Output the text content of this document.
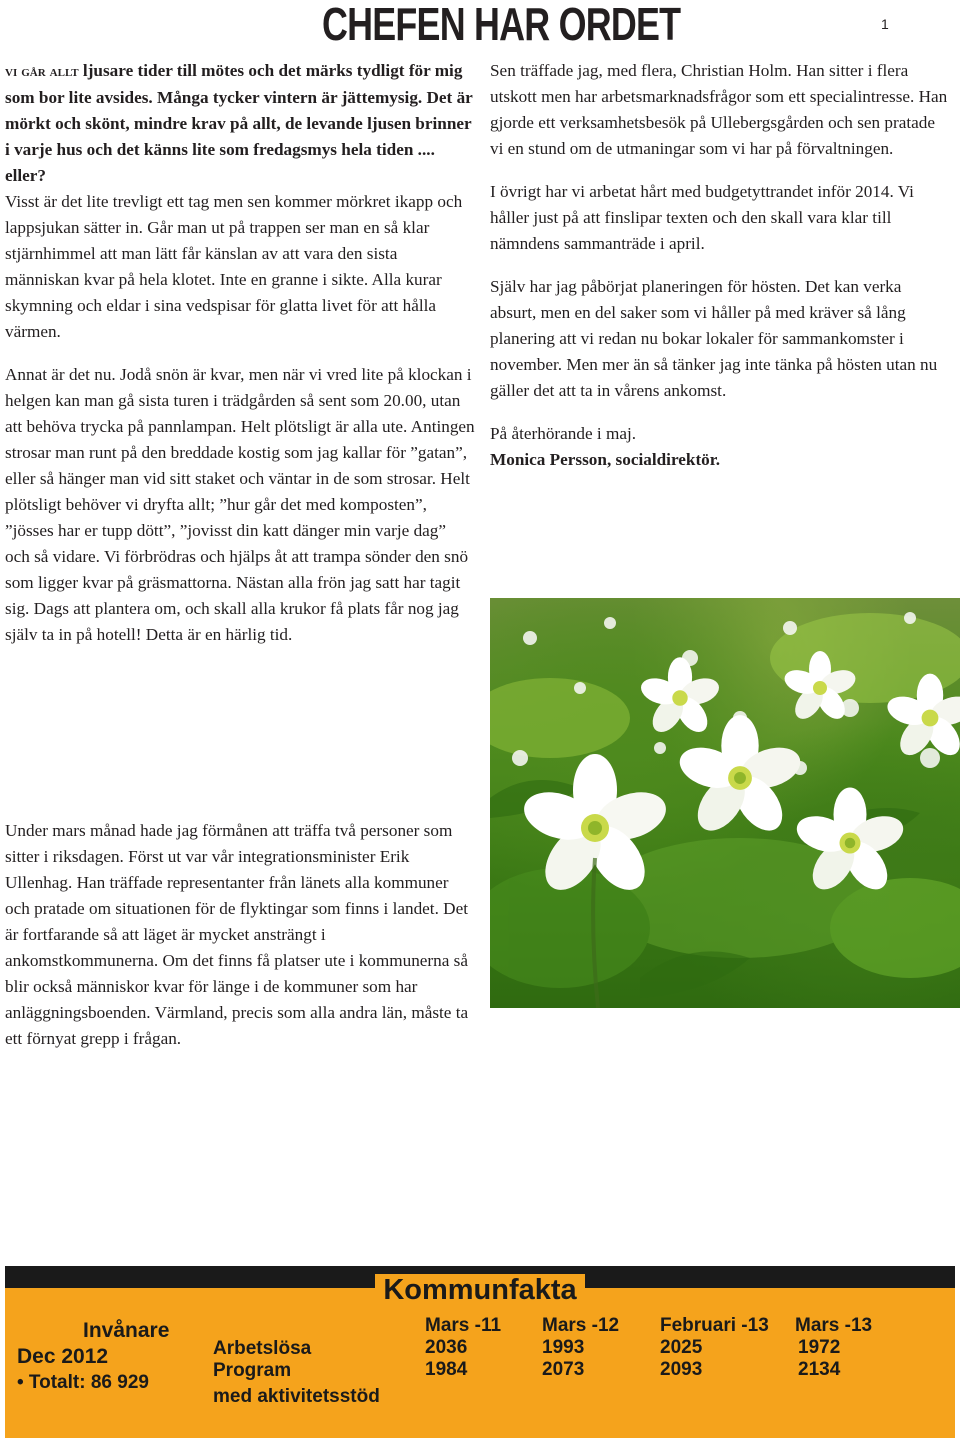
CHEFEN HAR ORDET	1

vi går allt ljusare tider till mötes och det märks tydligt för mig som bor lite avsides. Många tycker vintern är jättemysig. Det är mörkt och skönt, mindre krav på allt, de levande ljusen brinner i varje hus och det känns lite som fredagsmys hela tiden .... eller?

Visst är det lite trevligt ett tag men sen kommer mörkret ikapp och lappsjukan sätter in. Går man ut på trappen ser man en så klar stjärnhimmel att man lätt får känslan av att vara den sista människan kvar på hela klotet. Inte en granne i sikte. Alla kurar skymning och eldar i sina vedspisar för glatta livet för att hålla värmen.

Annat är det nu. Jodå snön är kvar, men när vi vred lite på klockan i helgen kan man gå sista turen i trädgården så sent som 20.00, utan att behöva trycka på pannlampan. Helt plötsligt är alla ute. Antingen strosar man runt på den breddade kostig som jag kallar för ”gatan”, eller så hänger man vid sitt staket och väntar in de som strosar. Helt plötsligt behöver vi dryfta allt; ”hur går det med komposten”, ”jösses har er tupp dött”, ”jovisst din katt dänger min varje dag” och så vidare. Vi förbrödras och hjälps åt att trampa sönder den snö som ligger kvar på gräsmattorna. Nästan alla frön jag satt har tagit sig. Dags att plantera om, och skall alla krukor få plats får nog jag själv ta in på hotell! Detta är en härlig tid.

Under mars månad hade jag förmånen att träffa två personer som sitter i riksdagen. Först ut var vår integrationsminister Erik Ullenhag. Han träffade representanter från länets alla kommuner och pratade om situationen för de flyktingar som finns i landet. Det är fortfarande så att läget är mycket ansträngt i ankomstkommunerna. Om det finns få platser ute i kommunerna så blir också människor kvar för länge i de kommuner som har anläggningsboenden. Värmland, precis som alla andra län, måste ta ett förnyat grepp i frågan.

Sen träffade jag, med flera, Christian Holm. Han sitter i flera utskott men har arbetsmarknadsfrågor som ett specialintresse. Han gjorde ett verksamhetsbesök på Ullebergsgården och sen pratade vi en stund om de utmaningar som vi har på förvaltningen.

I övrigt har vi arbetat hårt med budgetyttrandet inför 2014. Vi håller just på att finslipar texten och den skall vara klar till nämndens sammanträde i april.

Själv har jag påbörjat planeringen för hösten. Det kan verka absurt, men en del saker som vi håller på med kräver så lång planering att vi redan nu bokar lokaler för sammankomster i november. Men mer än så tänker jag inte tänka på hösten utan nu gäller det att ta in vårens ankomst.

På återhörande i maj.

Monica Persson, socialdirektör.

Kommunfakta
Invånare
Dec 2012
• Totalt: 86 929
Arbetslösa
Program
med aktivitetsstöd
Mars -11
2036
1984
Mars -12
1993
2073
Februari -13
2025
2093
Mars -13
1972
2134
